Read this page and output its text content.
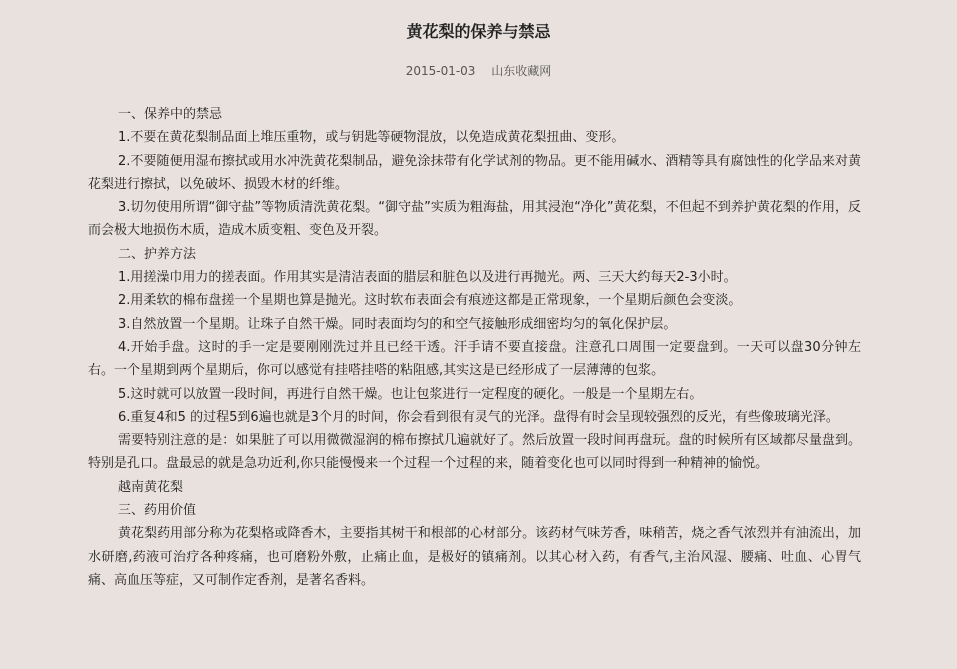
黄花梨的保养与禁忌
2015-01-03 山东收藏网

一、保养中的禁忌

1.不要在黄花梨制品面上堆压重物，或与钥匙等硬物混放，以免造成黄花梨扭曲、变形。

2.不要随便用湿布擦拭或用水冲洗黄花梨制品，避免涂抹带有化学试剂的物品。更不能用碱水、酒精等具有腐蚀性的化学品来对黄花梨进行擦拭，以免破坏、损毁木材的纤维。

3.切勿使用所谓“御守盐”等物质清洗黄花梨。“御守盐”实质为粗海盐，用其浸泡“净化”黄花梨，不但起不到养护黄花梨的作用，反而会极大地损伤木质，造成木质变粗、变色及开裂。

二、护养方法

1.用搓澡巾用力的搓表面。作用其实是清洁表面的腊层和脏色以及进行再抛光。两、三天大约每天2-3小时。

2.用柔软的棉布盘搓一个星期也算是抛光。这时软布表面会有痕迹这都是正常现象，一个星期后颜色会变淡。

3.自然放置一个星期。让珠子自然干燥。同时表面均匀的和空气接触形成细密均匀的氧化保护层。

4.开始手盘。这时的手一定是要刚刚洗过并且已经干透。汗手请不要直接盘。注意孔口周围一定要盘到。一天可以盘30分钟左右。一个星期到两个星期后，你可以感觉有挂嗒挂嗒的粘阻感,其实这是已经形成了一层薄薄的包浆。

5.这时就可以放置一段时间，再进行自然干燥。也让包浆进行一定程度的硬化。一般是一个星期左右。

6.重复4和5 的过程5到6遍也就是3个月的时间，你会看到很有灵气的光泽。盘得有时会呈现较强烈的反光，有些像玻璃光泽。

需要特别注意的是：如果脏了可以用微微湿润的棉布擦拭几遍就好了。然后放置一段时间再盘玩。盘的时候所有区域都尽量盘到。特别是孔口。盘最忌的就是急功近利,你只能慢慢来一个过程一个过程的来，随着变化也可以同时得到一种精神的愉悦。

越南黄花梨

三、药用价值

黄花梨药用部分称为花梨格或降香木，主要指其树干和根部的心材部分。该药材气味芳香，味稍苦，烧之香气浓烈并有油流出，加水研磨,药液可治疗各种疼痛，也可磨粉外敷，止痛止血，是极好的镇痛剂。以其心材入药，有香气,主治风湿、腰痛、吐血、心胃气痛、高血压等症，又可制作定香剂，是著名香料。
